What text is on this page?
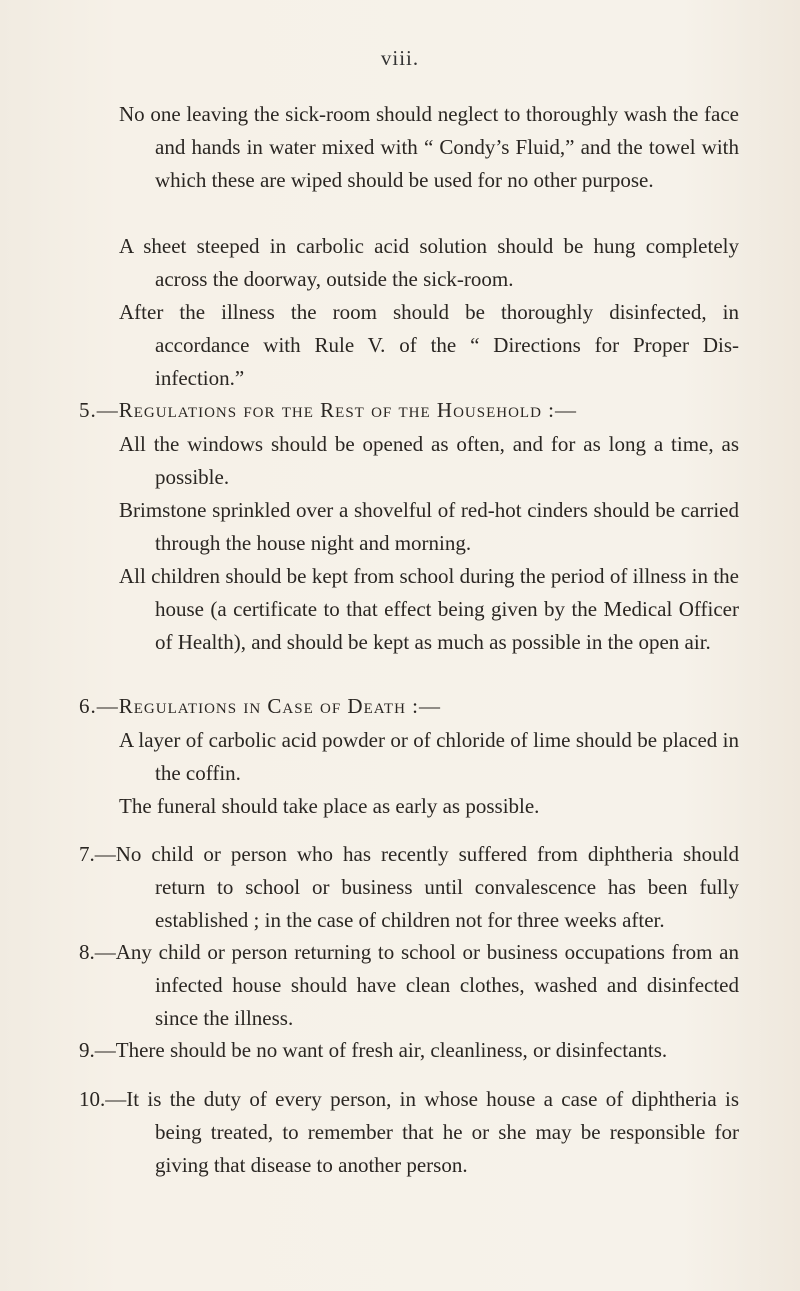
viii.
No one leaving the sick-room should neglect to thoroughly wash the face and hands in water mixed with “ Condy’s Fluid,” and the towel with which these are wiped should be used for no other purpose.
A sheet steeped in carbolic acid solution should be hung completely across the doorway, outside the sick-room.
After the illness the room should be thoroughly disinfected, in accordance with Rule V. of the “ Directions for Proper Dis- infection.”
5.—Regulations for the Rest of the Household :—
All the windows should be opened as often, and for as long a time, as possible.
Brimstone sprinkled over a shovelful of red-hot cinders should be carried through the house night and morning.
All children should be kept from school during the period of illness in the house (a certificate to that effect being given by the Medical Officer of Health), and should be kept as much as possible in the open air.
6.—Regulations in Case of Death :—
A layer of carbolic acid powder or of chloride of lime should be placed in the coffin.
The funeral should take place as early as possible.
7.—No child or person who has recently suffered from diphtheria should return to school or business until convalescence has been fully established ; in the case of children not for three weeks after.
8.—Any child or person returning to school or business occupations from an infected house should have clean clothes, washed and disinfected since the illness.
9.—There should be no want of fresh air, cleanliness, or disinfectants.
10.—It is the duty of every person, in whose house a case of diphtheria is being treated, to remember that he or she may be responsible for giving that disease to another person.
